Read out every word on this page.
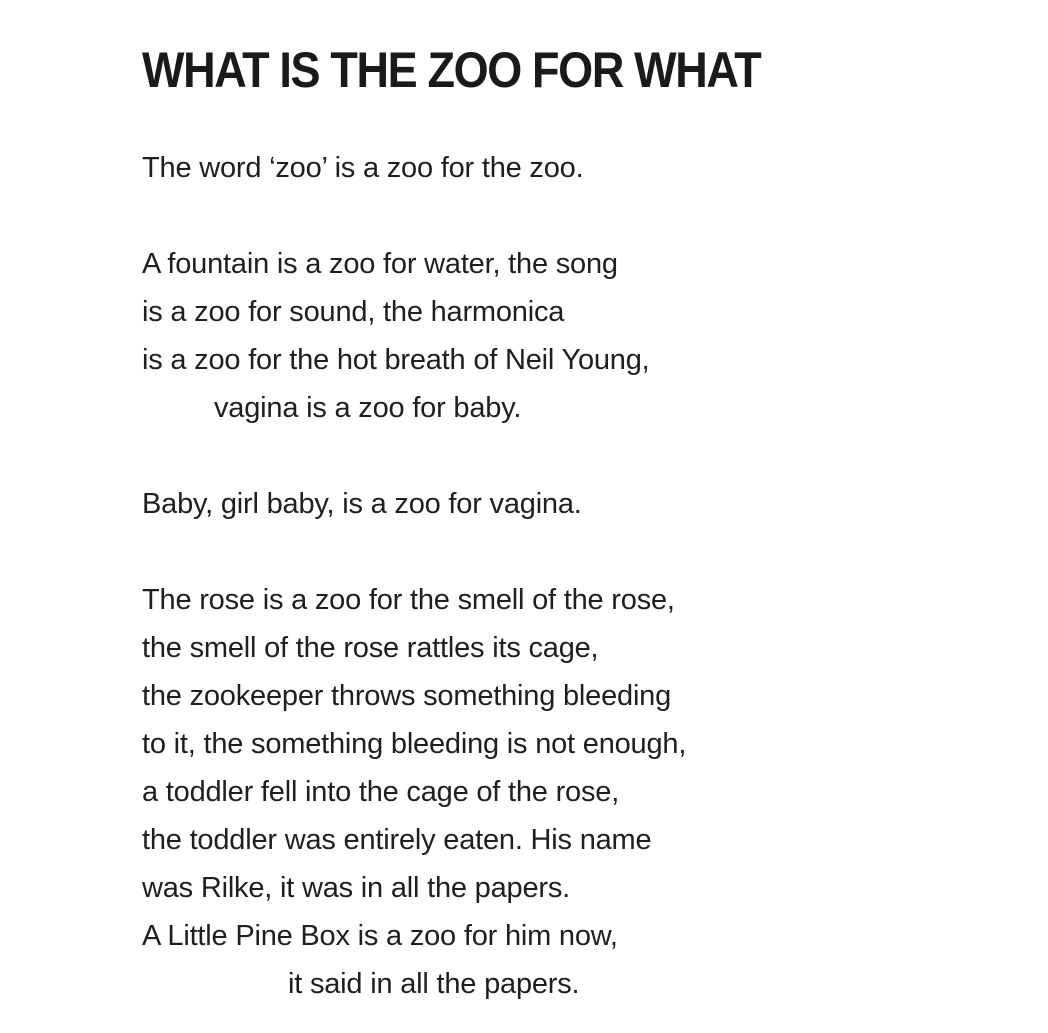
WHAT IS THE ZOO FOR WHAT
The word ‘zoo’ is a zoo for the zoo.
A fountain is a zoo for water, the song
is a zoo for sound, the harmonica
is a zoo for the hot breath of Neil Young,
vagina is a zoo for baby.
Baby, girl baby, is a zoo for vagina.
The rose is a zoo for the smell of the rose,
the smell of the rose rattles its cage,
the zookeeper throws something bleeding
to it, the something bleeding is not enough,
a toddler fell into the cage of the rose,
the toddler was entirely eaten. His name
was Rilke, it was in all the papers.
A Little Pine Box is a zoo for him now,
it said in all the papers.
